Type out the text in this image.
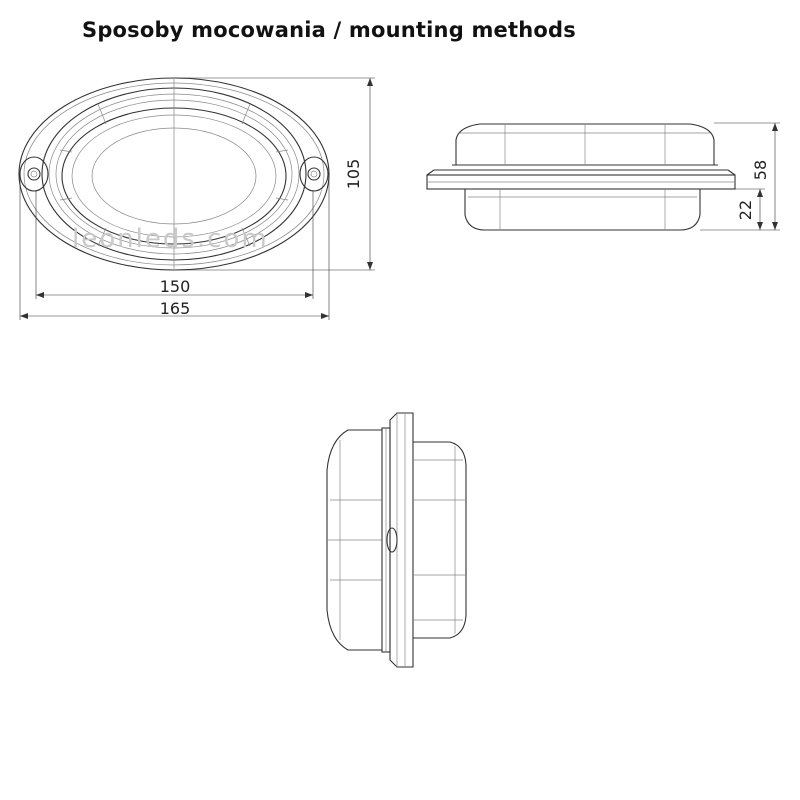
Sposoby mocowania / mounting methods
105
150
165
leonleds.com
58
22
